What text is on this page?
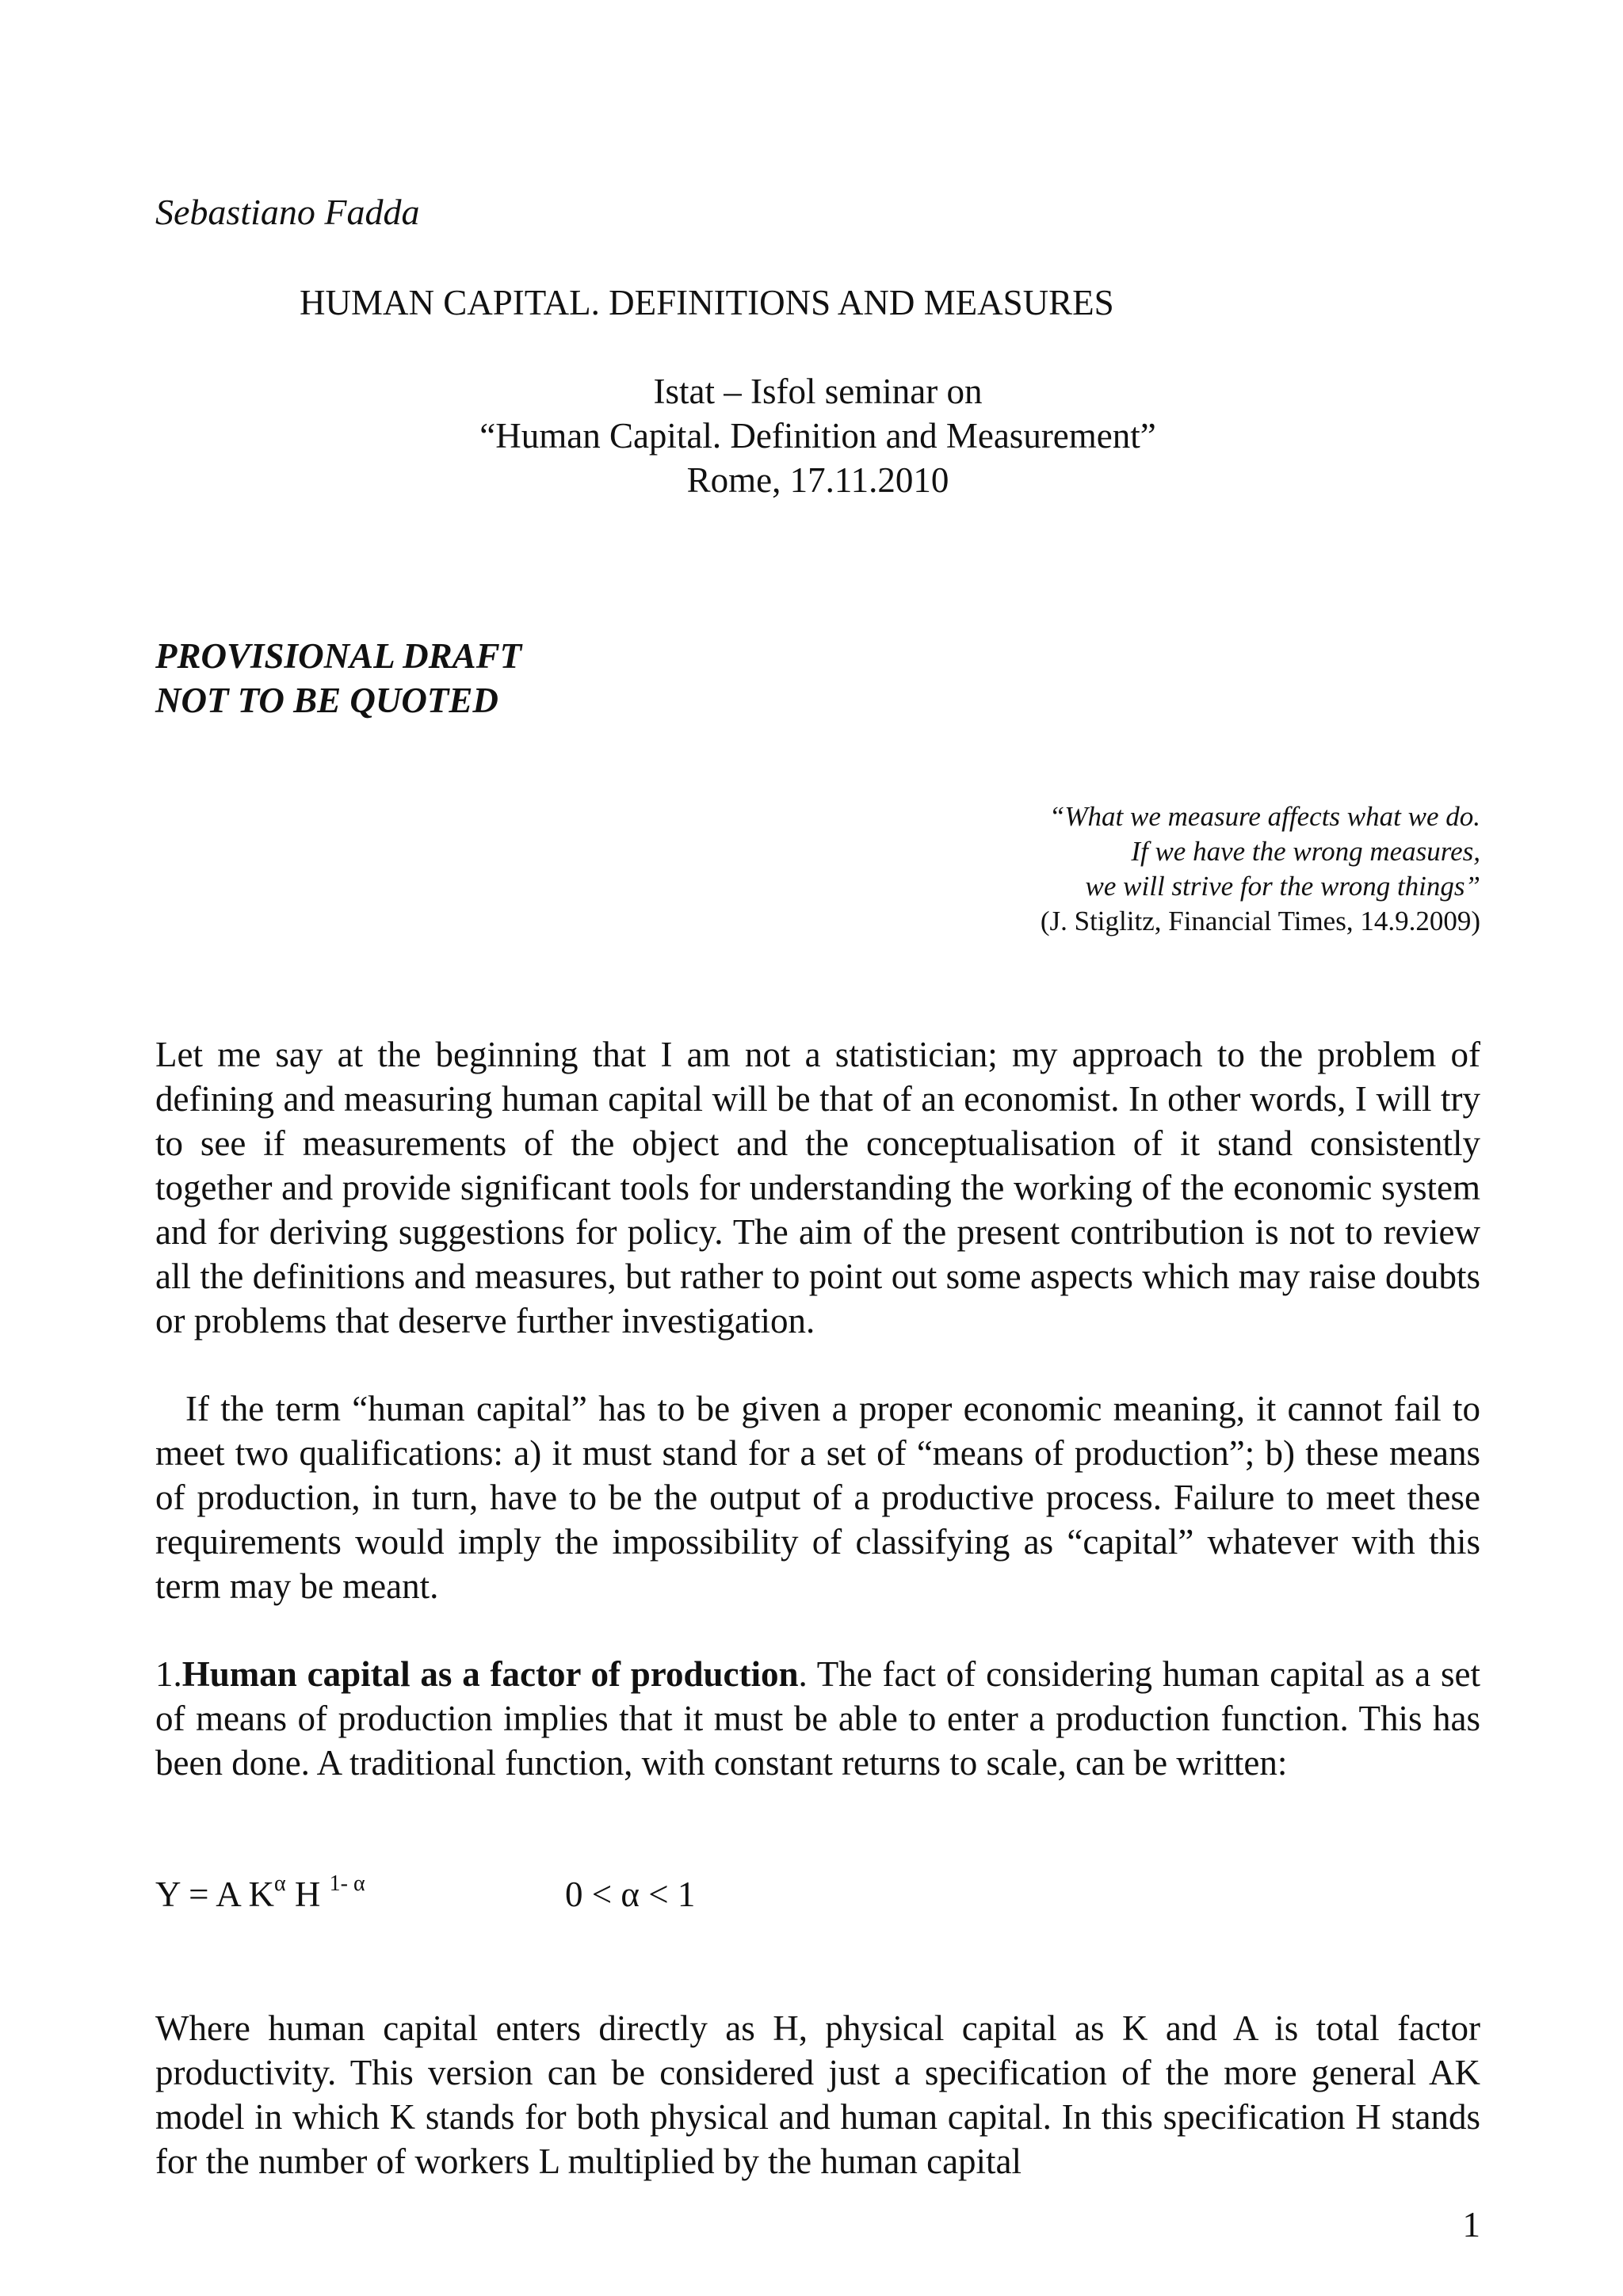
Sebastiano Fadda
HUMAN CAPITAL. DEFINITIONS AND MEASURES
Istat – Isfol seminar on
“Human Capital. Definition and Measurement”
Rome, 17.11.2010
PROVISIONAL DRAFT
NOT TO BE QUOTED
“What we measure affects what we do.
If we have the wrong measures,
we will strive for the wrong things”
(J. Stiglitz, Financial Times, 14.9.2009)
Let me say at the beginning that I am not a statistician; my approach to the problem of defining and measuring human capital will be that of an economist. In other words, I will try to see if measurements of the object and the conceptualisation of it stand consistently together and provide significant tools for understanding the working of the economic system and for deriving suggestions for policy. The aim of the present contribution is not to review all the definitions and measures, but rather to point out some aspects which may raise doubts or problems that deserve further investigation.
If the term “human capital” has to be given a proper economic meaning, it cannot fail to meet two qualifications: a) it must stand for a set of “means of production”; b) these means of production, in turn, have to be the output of a productive process. Failure to meet these requirements would imply the impossibility of classifying as “capital” whatever with this term may be meant.
1.Human capital as a factor of production. The fact of considering human capital as a set of means of production implies that it must be able to enter a production function. This has been done. A traditional function, with constant returns to scale, can be written:
Y = A $K^\alpha$ H $^{1- \alpha}$	0 < α < 1
Where human capital enters directly as H, physical capital as K and A is total factor productivity. This version can be considered just a specification of the more general AK model in which K stands for both physical and human capital. In this specification H stands for the number of workers L multiplied by the human capital
1
